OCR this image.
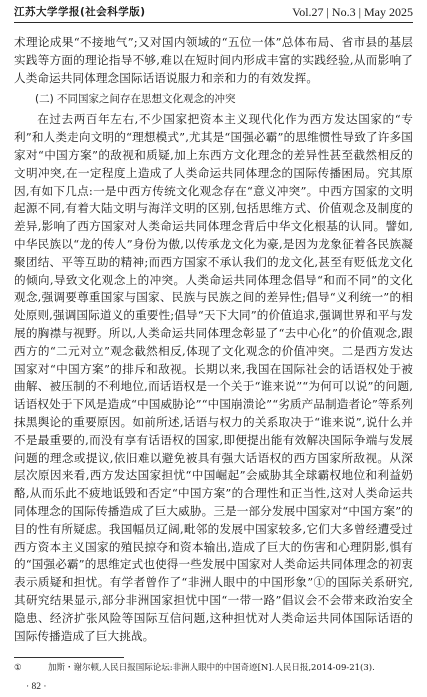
江苏大学学报(社会科学版)	Vol.27 | No.3 | May 2025

术理论成果“不接地气”;又对国内领域的“五位一体”总体布局、省市县的基层实践等方面的理论指导不够,难以在短时间内形成丰富的实践经验,从而影响了人类命运共同体理念国际话语说服力和亲和力的有效发挥。

(二) 不同国家之间存在思想文化观念的冲突

在过去两百年左右,不少国家把资本主义现代化作为西方发达国家的“专利”和人类走向文明的“理想模式”,尤其是“国强必霸”的思维惯性导致了许多国家对“中国方案”的敌视和质疑,加上东西方文化理念的差异性甚至截然相反的文明冲突,在一定程度上造成了人类命运共同体理念的国际传播困局。究其原因,有如下几点:一是中西方传统文化观念存在“意义冲突”。中西方国家的文明起源不同,有着大陆文明与海洋文明的区别,包括思维方式、价值观念及制度的差异,影响了西方国家对人类命运共同体理念背后中华文化根基的认同。譬如,中华民族以“龙的传人”身份为傲,以传承龙文化为豪,是因为龙象征着各民族凝聚团结、平等互助的精神;而西方国家不承认我们的龙文化,甚至有贬低龙文化的倾向,导致文化观念上的冲突。人类命运共同体理念倡导“和而不同”的文化观念,强调要尊重国家与国家、民族与民族之间的差异性;倡导“义利统一”的相处原则,强调国际道义的重要性;倡导“天下大同”的价值追求,强调世界和平与发展的胸襟与视野。所以,人类命运共同体理念彰显了“去中心化”的价值观念,跟西方的“二元对立”观念截然相反,体现了文化观念的价值冲突。二是西方发达国家对“中国方案”的排斥和敌视。长期以来,我国在国际社会的话语权处于被曲解、被压制的不利地位,而话语权是一个关于“谁来说”“为何可以说”的问题,话语权处于下风是造成“中国威胁论”“中国崩溃论”“劣质产品制造者论”等系列抹黑舆论的重要原因。如前所述,话语与权力的关系取决于“谁来说”,说什么并不是最重要的,而没有享有话语权的国家,即便提出能有效解决国际争端与发展问题的理念或提议,依旧难以避免被具有强大话语权的西方国家所敌视。从深层次原因来看,西方发达国家担忧“中国崛起”会威胁其全球霸权地位和利益奶酪,从而乐此不疲地诋毁和否定“中国方案”的合理性和正当性,这对人类命运共同体理念的国际传播造成了巨大威胁。三是一部分发展中国家对“中国方案”的目的性有所疑虑。我国幅员辽阔,毗邻的发展中国家较多,它们大多曾经遭受过西方资本主义国家的殖民掠夺和资本输出,造成了巨大的伤害和心理阴影,惧有的“国强必霸”的思维定式也使得一些发展中国家对人类命运共同体理念的初衷表示质疑和担忧。有学者曾作了“非洲人眼中的中国形象”①的国际关系研究,其研究结果显示,部分非洲国家担忧中国“一带一路”倡议会不会带来政治安全隐患、经济扩张风险等国际互信问题,这种担忧对人类命运共同体国际话语的国际传播造成了巨大挑战。

①	加斯・谢尔顿,人民日报国际论坛:非洲人眼中的中国奇迹[N].人民日报,2014-09-21(3).
· 82 ·
